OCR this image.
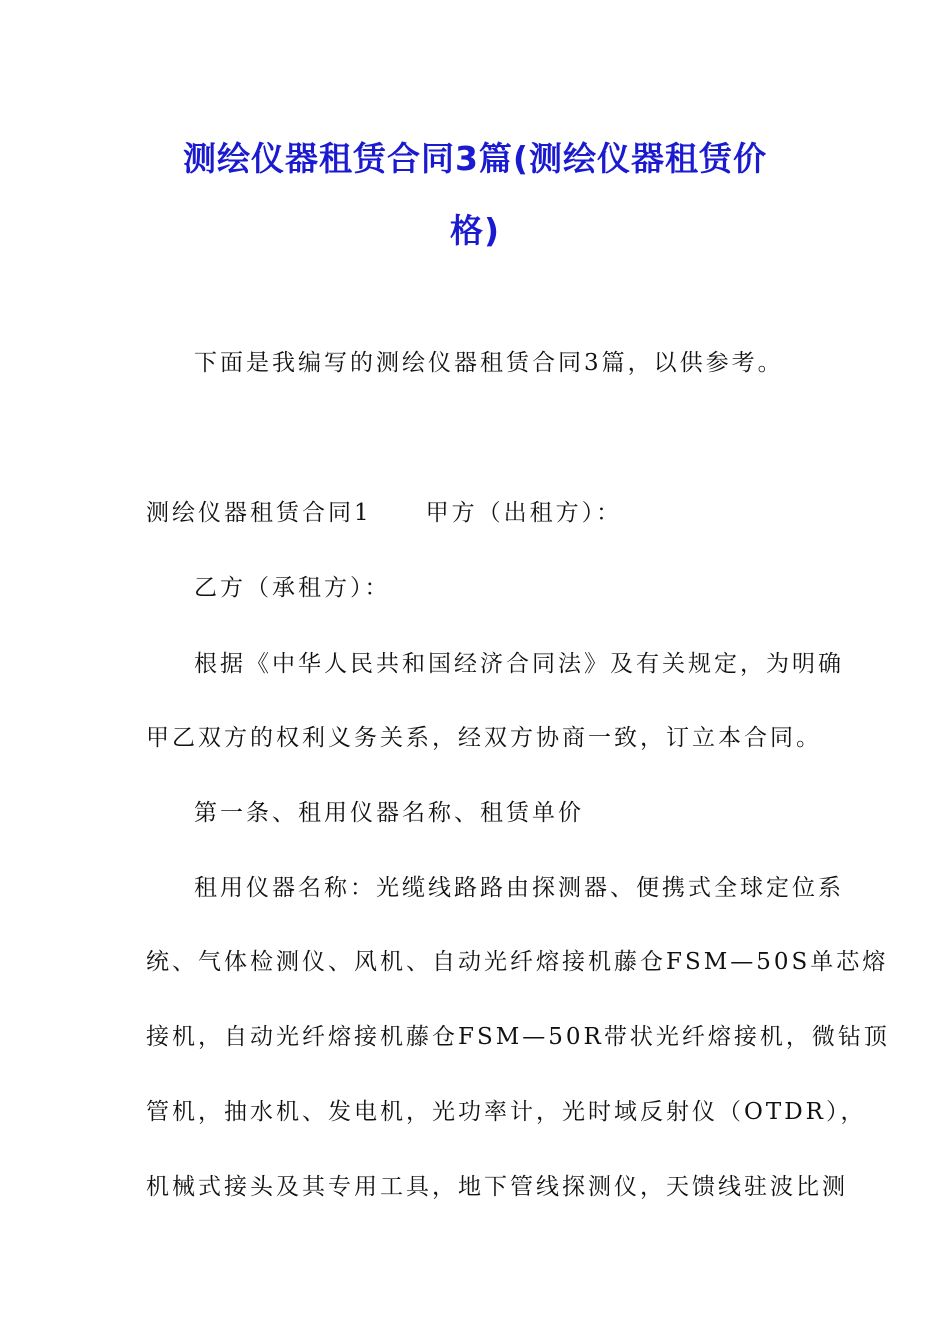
测绘仪器租赁合同3篇(测绘仪器租赁价
格)
下面是我编写的测绘仪器租赁合同3篇，以供参考。
测绘仪器租赁合同1 甲方（出租方）：
乙方（承租方）：
根据《中华人民共和国经济合同法》及有关规定，为明确
甲乙双方的权利义务关系，经双方协商一致，订立本合同。
第一条、租用仪器名称、租赁单价
租用仪器名称：光缆线路路由探测器、便携式全球定位系
统、气体检测仪、风机、自动光纤熔接机藤仓FSM—50S单芯熔
接机，自动光纤熔接机藤仓FSM—50R带状光纤熔接机，微钻顶
管机，抽水机、发电机，光功率计，光时域反射仪（OTDR），
机械式接头及其专用工具，地下管线探测仪，天馈线驻波比测
